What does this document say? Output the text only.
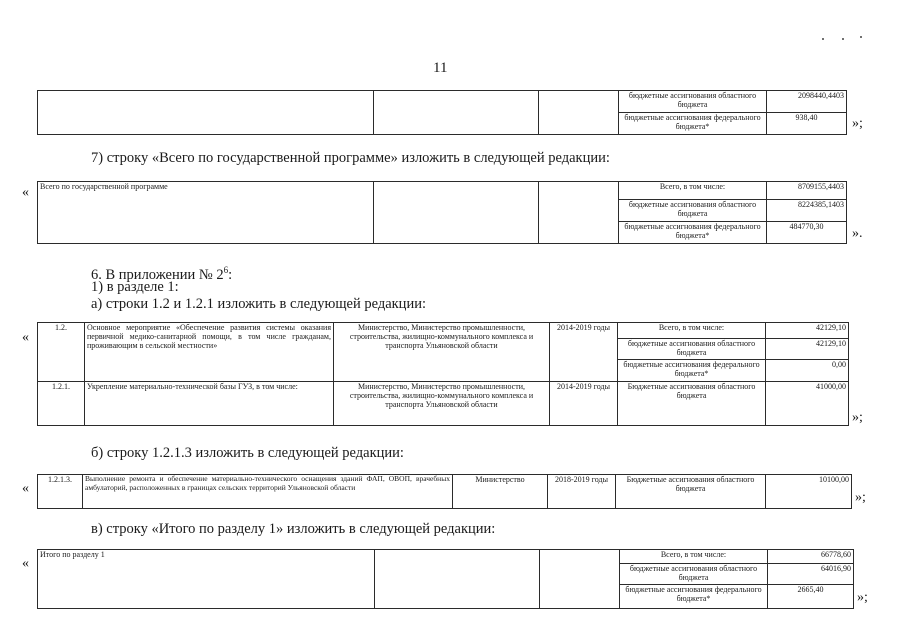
11
			бюджетные ассигнования областного бюджета	2098440,4403
			бюджетные ассигнования федерального бюджета*	938,40 »;
7) строку «Всего по государственной программе» изложить в следующей редакции:
« Всего по государственной программе			Всего, в том числе:	8709155,4403
			бюджетные ассигнования областного бюджета	8224385,1403
			бюджетные ассигнования федерального бюджета*	484770,30 ».
6. В приложении № $2^6$:
1) в разделе 1:
а) строки 1.2 и 1.2.1 изложить в следующей редакции:
«
1.2.	Основное мероприятие «Обеспечение развития системы оказания первичной медико-санитарной помощи, в том числе гражданам, проживающим в сельской местности»	Министерство, Министерство промышленности, строительства, жилищно-коммунального комплекса и транспорта Ульяновской области	2014-2019 годы	Всего, в том числе:	42129,10
				бюджетные ассигнования областного бюджета	42129,10
				бюджетные ассигнования федерального бюджета*	0,00
1.2.1.	Укрепление материально-технической базы ГУЗ, в том числе:	Министерство, Министерство промышленности, строительства, жилищно-коммунального комплекса и транспорта Ульяновской области	2014-2019 годы	Бюджетные ассигнования областного бюджета	41000,00
»;
б) строку 1.2.1.3 изложить в следующей редакции:
«
1.2.1.3.	Выполнение ремонта и обеспечение материально-технического оснащения зданий ФАП, ОВОП, врачебных амбулаторий, расположенных в границах сельских территорий Ульяновской области	Министерство	2018-2019 годы	Бюджетные ассигнования областного бюджета	10100,00
»;
в) строку «Итого по разделу 1» изложить в следующей редакции:
«
Итого по разделу 1			Всего, в том числе:	66778,60
			бюджетные ассигнования областного бюджета	64016,90
			бюджетные ассигнования федерального бюджета*	2665,40
»;
